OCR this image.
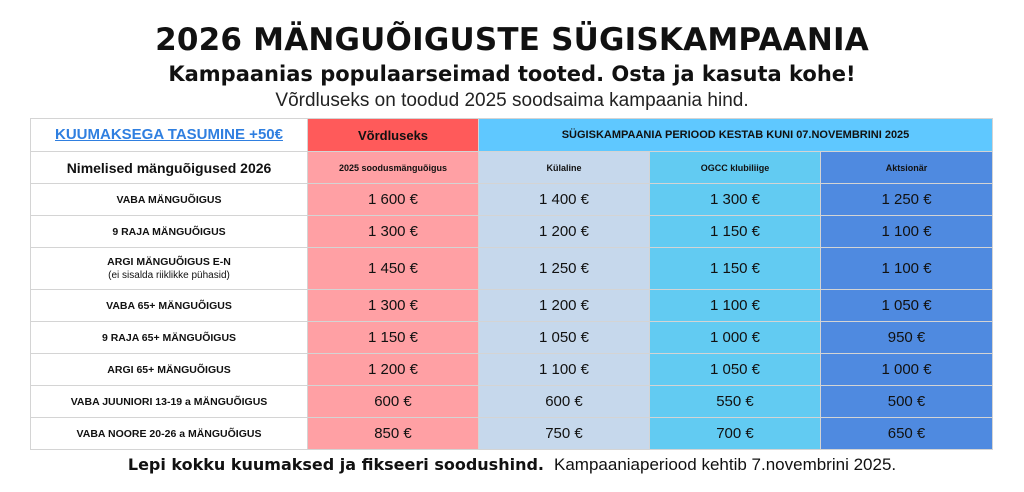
2026 MÄNGUÕIGUSTE SÜGISKAMPAANIA
Kampaanias populaarseimad tooted. Osta ja kasuta kohe!
Võrdluseks on toodud 2025 soodsaima kampaania hind.
KUUMAKSEGA TASUMINE +50€	Võrdluseks	SÜGISKAMPAANIA PERIOOD KESTAB KUNI 07.NOVEMBRINI 2025		
Nimelised mänguõigused 2026	2025 soodusmänguõigus	Külaline	OGCC klubiliige	Aktsionär
VABA MÄNGUÕIGUS	1 600 €	1 400 €	1 300 €	1 250 €
9 RAJA MÄNGUÕIGUS	1 300 €	1 200 €	1 150 €	1 100 €
ARGI MÄNGUÕIGUS E-N
(ei sisalda riiklikke pühasid)	1 450 €	1 250 €	1 150 €	1 100 €
VABA 65+ MÄNGUÕIGUS	1 300 €	1 200 €	1 100 €	1 050 €
9 RAJA 65+ MÄNGUÕIGUS	1 150 €	1 050 €	1 000 €	950 €
ARGI 65+ MÄNGUÕIGUS	1 200 €	1 100 €	1 050 €	1 000 €
VABA JUUNIORI 13-19 a MÄNGUÕIGUS	600 €	600 €	550 €	500 €
VABA NOORE 20-26 a MÄNGUÕIGUS	850 €	750 €	700 €	650 €
Lepi kokku kuumaksed ja fikseeri soodushind. Kampaaniaperiood kehtib 7.novembrini 2025.
